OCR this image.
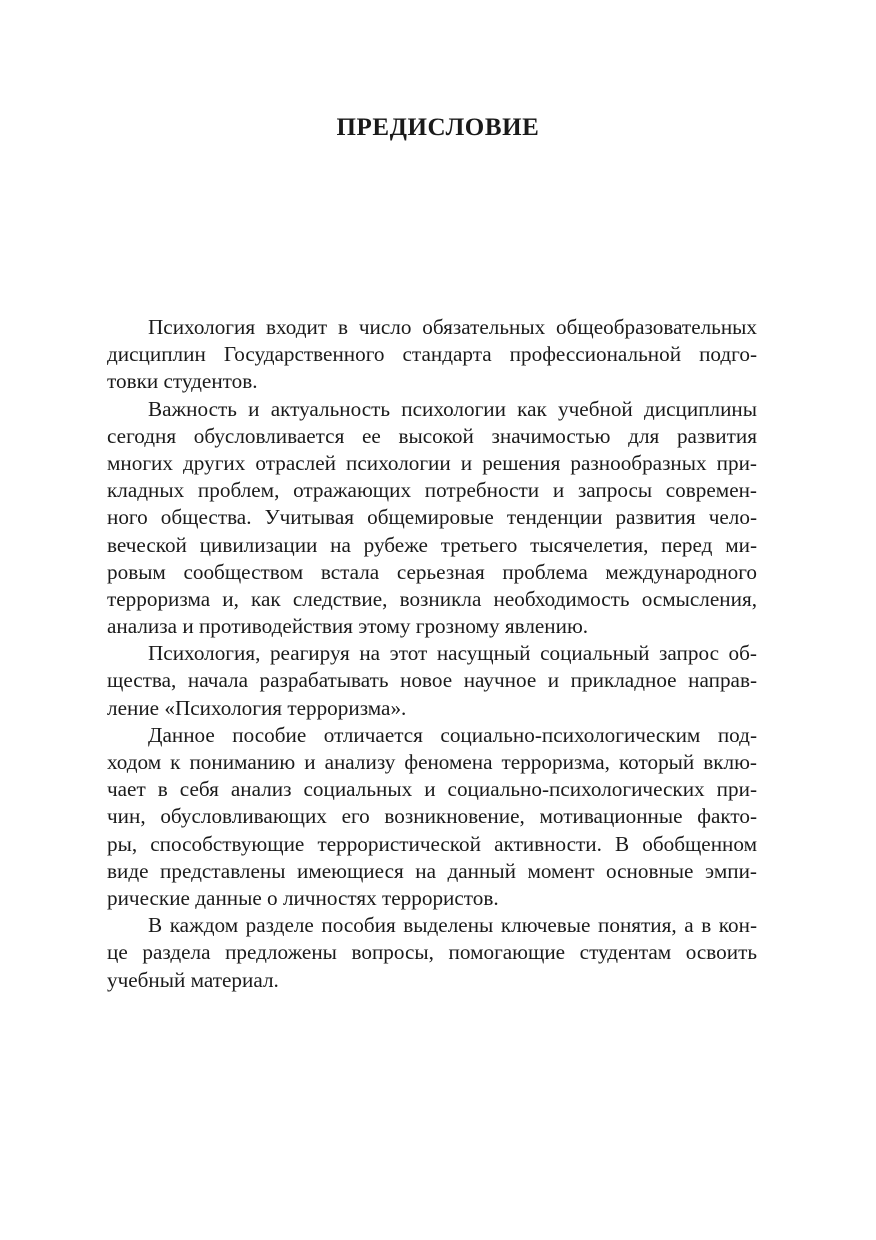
ПРЕДИСЛОВИЕ
Психология входит в число обязательных общеобразовательных
дисциплин Государственного стандарта профессиональной подго-
товки студентов.
Важность и актуальность психологии как учебной дисциплины
сегодня обусловливается ее высокой значимостью для развития
многих других отраслей психологии и решения разнообразных при-
кладных проблем, отражающих потребности и запросы современ-
ного общества. Учитывая общемировые тенденции развития чело-
веческой цивилизации на рубеже третьего тысячелетия, перед ми-
ровым сообществом встала серьезная проблема международного
терроризма и, как следствие, возникла необходимость осмысления,
анализа и противодействия этому грозному явлению.
Психология, реагируя на этот насущный социальный запрос об-
щества, начала разрабатывать новое научное и прикладное направ-
ление «Психология терроризма».
Данное пособие отличается социально-психологическим под-
ходом к пониманию и анализу феномена терроризма, который вклю-
чает в себя анализ социальных и социально-психологических при-
чин, обусловливающих его возникновение, мотивационные факто-
ры, способствующие террористической активности. В обобщенном
виде представлены имеющиеся на данный момент основные эмпи-
рические данные о личностях террористов.
В каждом разделе пособия выделены ключевые понятия, а в кон-
це раздела предложены вопросы, помогающие студентам освоить
учебный материал.
